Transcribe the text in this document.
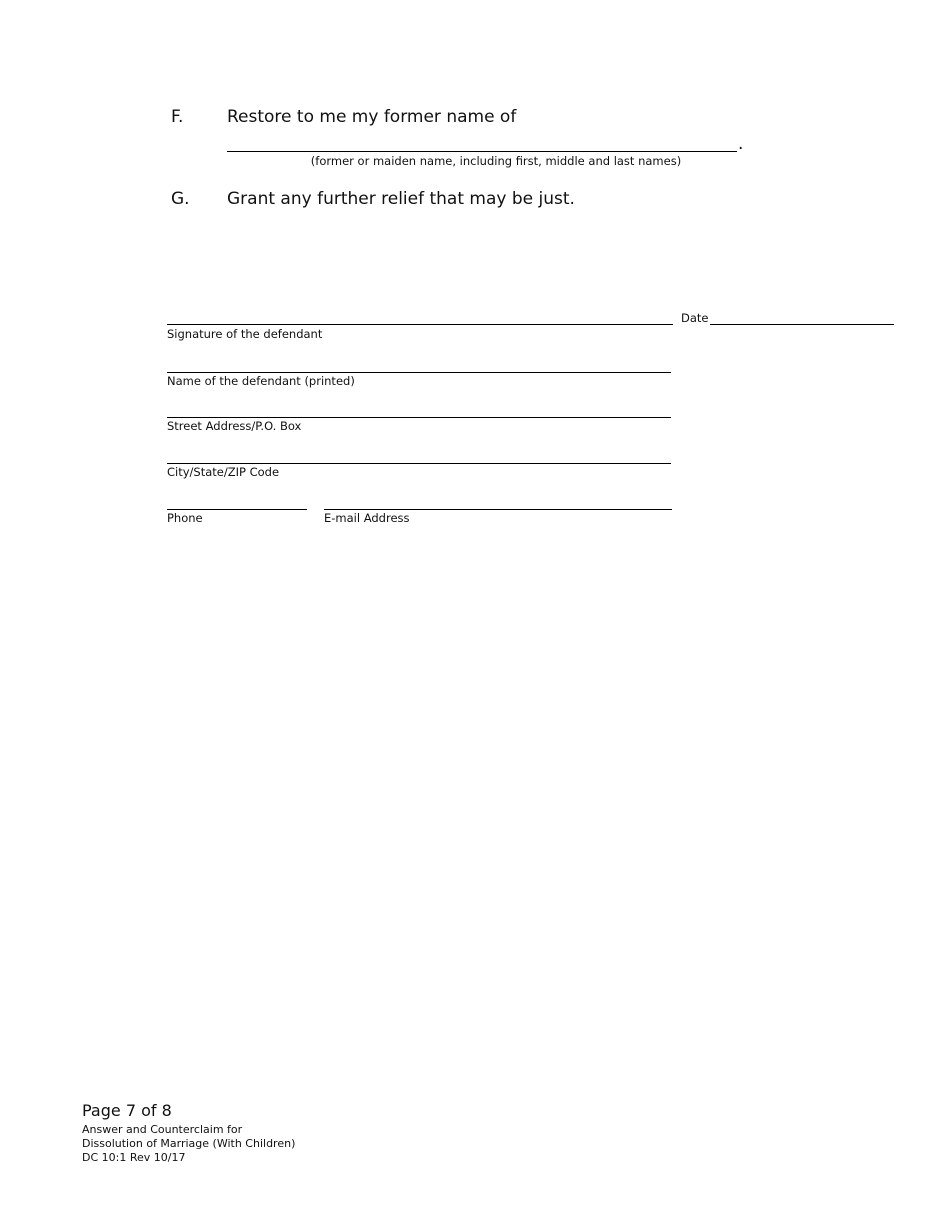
F.	Restore to me my former name of
.
(former or maiden name, including first, middle and last names)
G. Grant any further relief that may be just.
Date
Signature of the defendant
Name of the defendant (printed)
Street Address/P.O. Box
City/State/ZIP Code
Phone	E-mail Address
Page 7 of 8
Answer and Counterclaim for
Dissolution of Marriage (With Children)
DC 10:1 Rev 10/17
